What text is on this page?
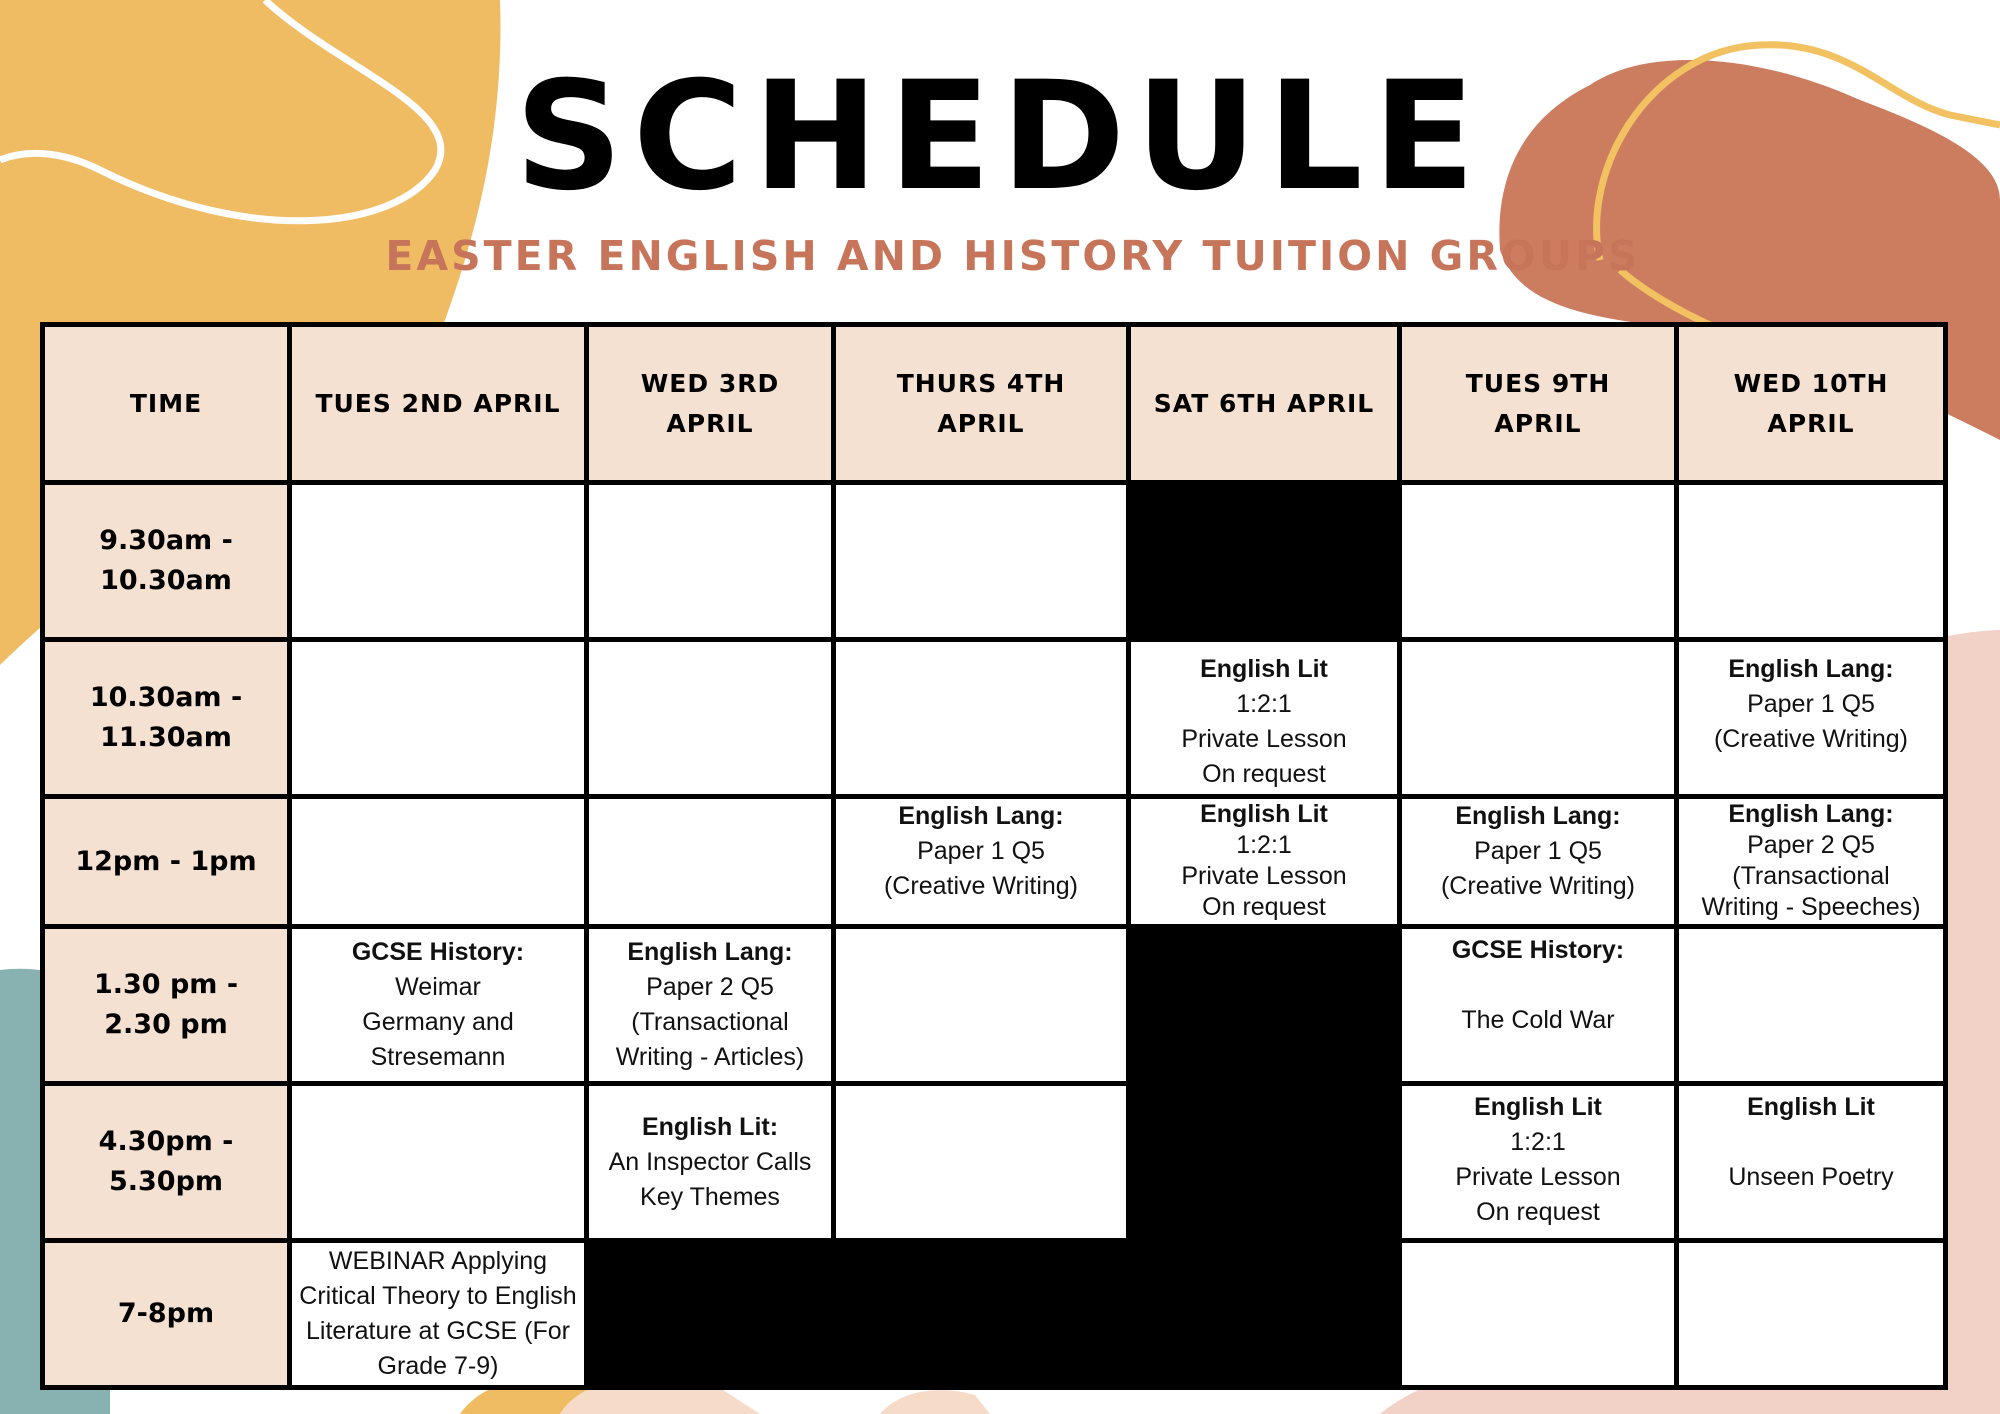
SCHEDULE
EASTER ENGLISH AND HISTORY TUITION GROUPS
TIME	TUES 2ND APRIL	WED 3RD APRIL	THURS 4TH APRIL	SAT 6TH APRIL	TUES 9TH APRIL	WED 10TH APRIL

9.30am -
10.30am						

10.30am -
11.30am				English Lit
1:2:1
Private Lesson
On request		English Lang:
Paper 1 Q5
(Creative Writing)

12pm - 1pm			English Lang:
Paper 1 Q5
(Creative Writing)	English Lit
1:2:1
Private Lesson
On request	English Lang:
Paper 1 Q5
(Creative Writing)	English Lang:
Paper 2 Q5
(Transactional
Writing - Speeches)

1.30 pm -
2.30 pm	GCSE History:
Weimar
Germany and
Stresemann	English Lang:
Paper 2 Q5
(Transactional
Writing - Articles)			GCSE History:
The Cold War	

4.30pm -
5.30pm		English Lit:
An Inspector Calls
Key Themes			English Lit
1:2:1
Private Lesson
On request	English Lit
Unseen Poetry

7-8pm	WEBINAR Applying
Critical Theory to English
Literature at GCSE (For
Grade 7-9)					
